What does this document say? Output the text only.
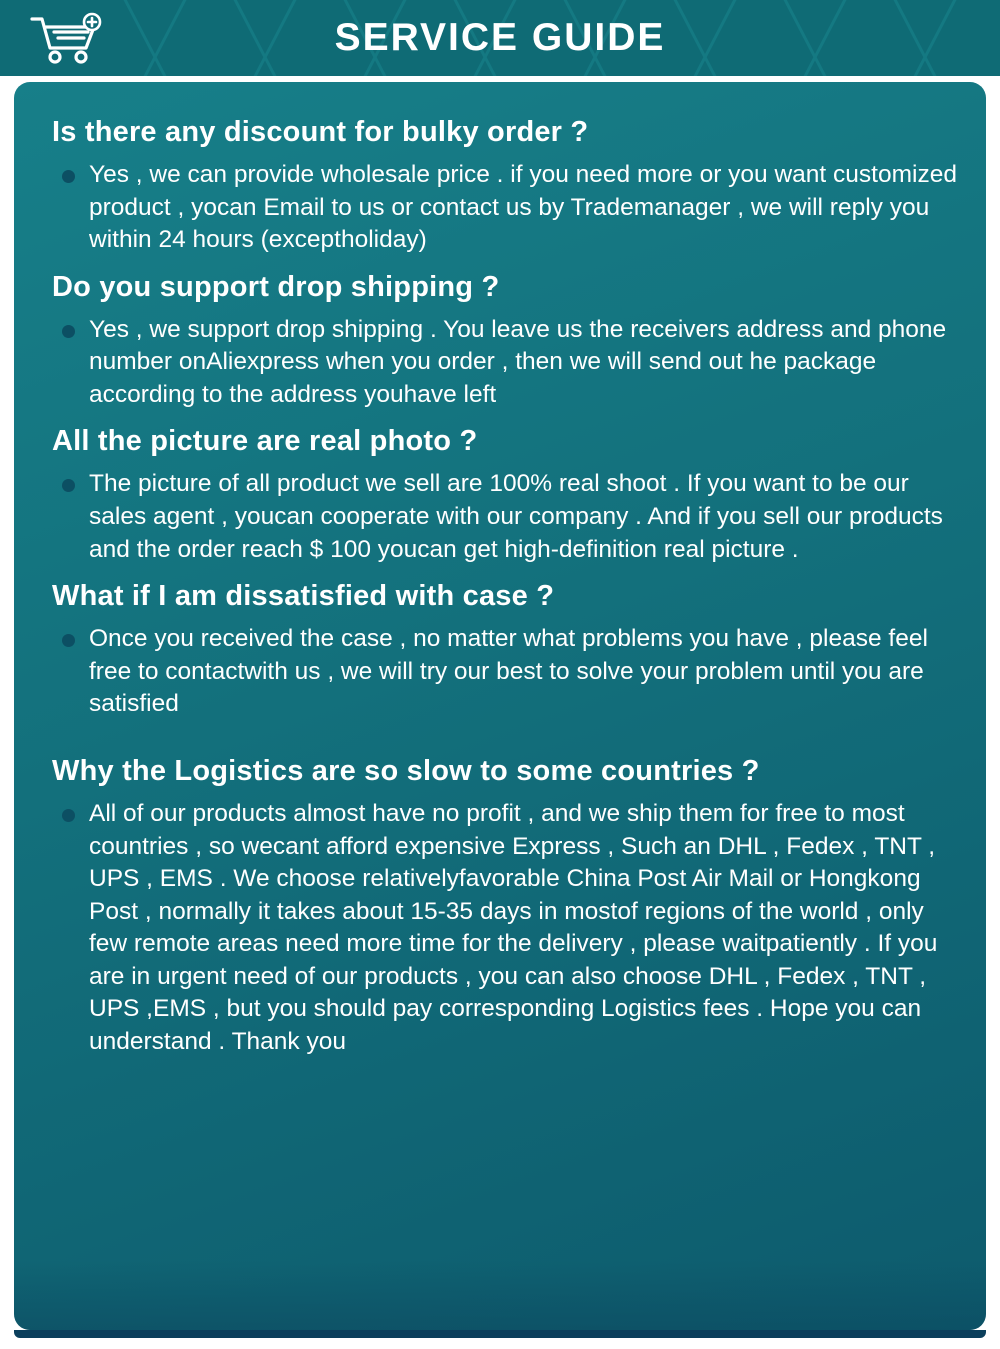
SERVICE GUIDE
Is there any discount for bulky order ?

Yes , we can provide wholesale price . if you need more or you want customized product , yocan Email to us or contact us by Trademanager , we will reply you within 24 hours (exceptholiday)

Do you support drop shipping ?

Yes , we support drop shipping . You leave us the receivers address and phone number onAliexpress when you order , then we will send out he package according to the address youhave left

All the picture are real photo ?

The picture of all product we sell are 100% real shoot . If you want to be our sales agent , youcan cooperate with our company . And if you sell our products and the order reach $ 100 youcan get high-definition real picture .

What if I am dissatisfied with case ?

Once you received the case , no matter what problems you have , please feel free to contactwith us , we will try our best to solve your problem until you are satisfied

Why the Logistics are so slow to some countries ?

All of our products almost have no profit , and we ship them for free to most countries , so wecant afford expensive Express , Such an DHL , Fedex , TNT , UPS , EMS . We choose relativelyfavorable China Post Air Mail or Hongkong Post , normally it takes about 15-35 days in mostof regions of the world , only few remote areas need more time for the delivery , please waitpatiently . If you are in urgent need of our products , you can also choose DHL , Fedex , TNT , UPS ,EMS , but you should pay corresponding Logistics fees . Hope you can understand . Thank you
